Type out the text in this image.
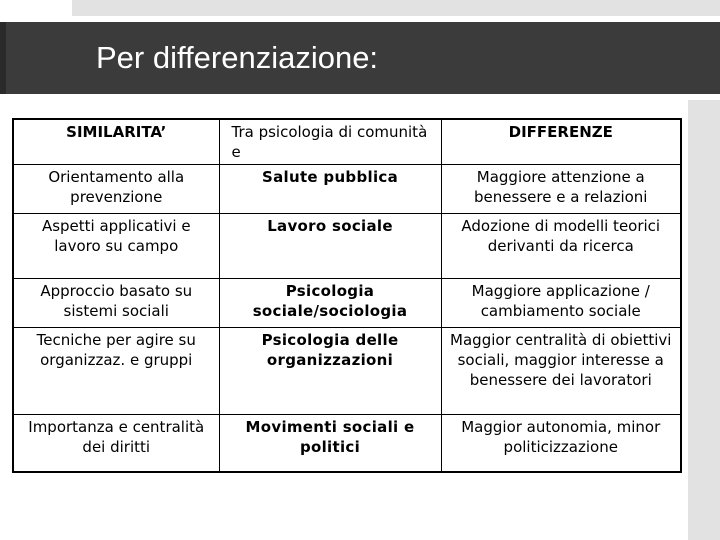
Per differenziazione:
SIMILARITA’	Tra psicologia di comunità e	DIFFERENZE
Orientamento alla prevenzione	Salute pubblica	Maggiore attenzione a benessere e a relazioni
Aspetti applicativi e lavoro su campo	Lavoro sociale	Adozione di modelli teorici derivanti da ricerca
Approccio basato su sistemi sociali	Psicologia sociale/sociologia	Maggiore applicazione / cambiamento sociale
Tecniche per agire su organizzaz. e gruppi	Psicologia delle organizzazioni	Maggior centralità di obiettivi sociali, maggior interesse a benessere dei lavoratori
Importanza e centralità dei diritti	Movimenti sociali e politici	Maggior autonomia, minor politicizzazione
